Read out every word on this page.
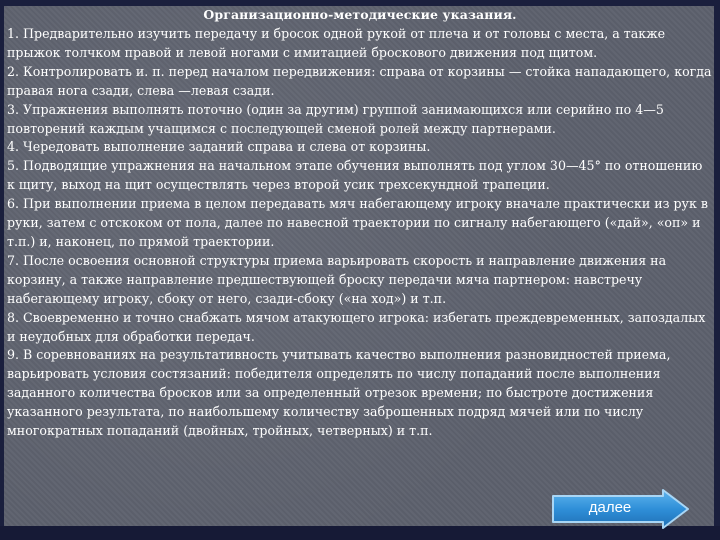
Организационно-методические указания.

1. Предварительно изучить передачу и бросок одной рукой от плеча и от головы с места, а также прыжок толчком правой и левой ногами с имитацией броскового движения под щитом.

2. Контролировать и. п. перед началом передвижения: справа от корзины — стойка нападающего, когда правая нога сзади, слева —левая сзади.

3. Упражнения выполнять поточно (один за другим) группой занимающихся или серийно по 4—5 повторений каждым учащимся с последующей сменой ролей между партнерами.

4. Чередовать выполнение заданий справа и слева от корзины.

5. Подводящие упражнения на начальном этапе обучения выполнять под углом 30—45° по отношению к щиту, выход на щит осуществлять через второй усик трехсекундной трапеции.

6. При выполнении приема в целом передавать мяч набегающему игроку вначале практически из рук в руки, затем с отскоком от пола, далее по навесной траектории по сигналу набегающего («дай», «оп» и т.п.) и, наконец, по прямой траектории.

7. После освоения основной структуры приема варьировать скорость и направление движения на корзину, а также направление предшествующей броску передачи мяча партнером: навстречу набегающему игроку, сбоку от него, сзади-сбоку («на ход») и т.п.

8. Своевременно и точно снабжать мячом атакующего игрока: избегать преждевременных, запоздалых и неудобных для обработки передач.

9. В соревнованиях на результативность учитывать качество выполнения разновидностей приема, варьировать условия состязаний: победителя определять по числу попаданий после выполнения заданного количества бросков или за определенный отрезок времени; по быстроте достижения указанного результата, по наибольшему количеству заброшенных подряд мячей или по числу многократных попаданий (двойных, тройных, четверных) и т.п.

далее
